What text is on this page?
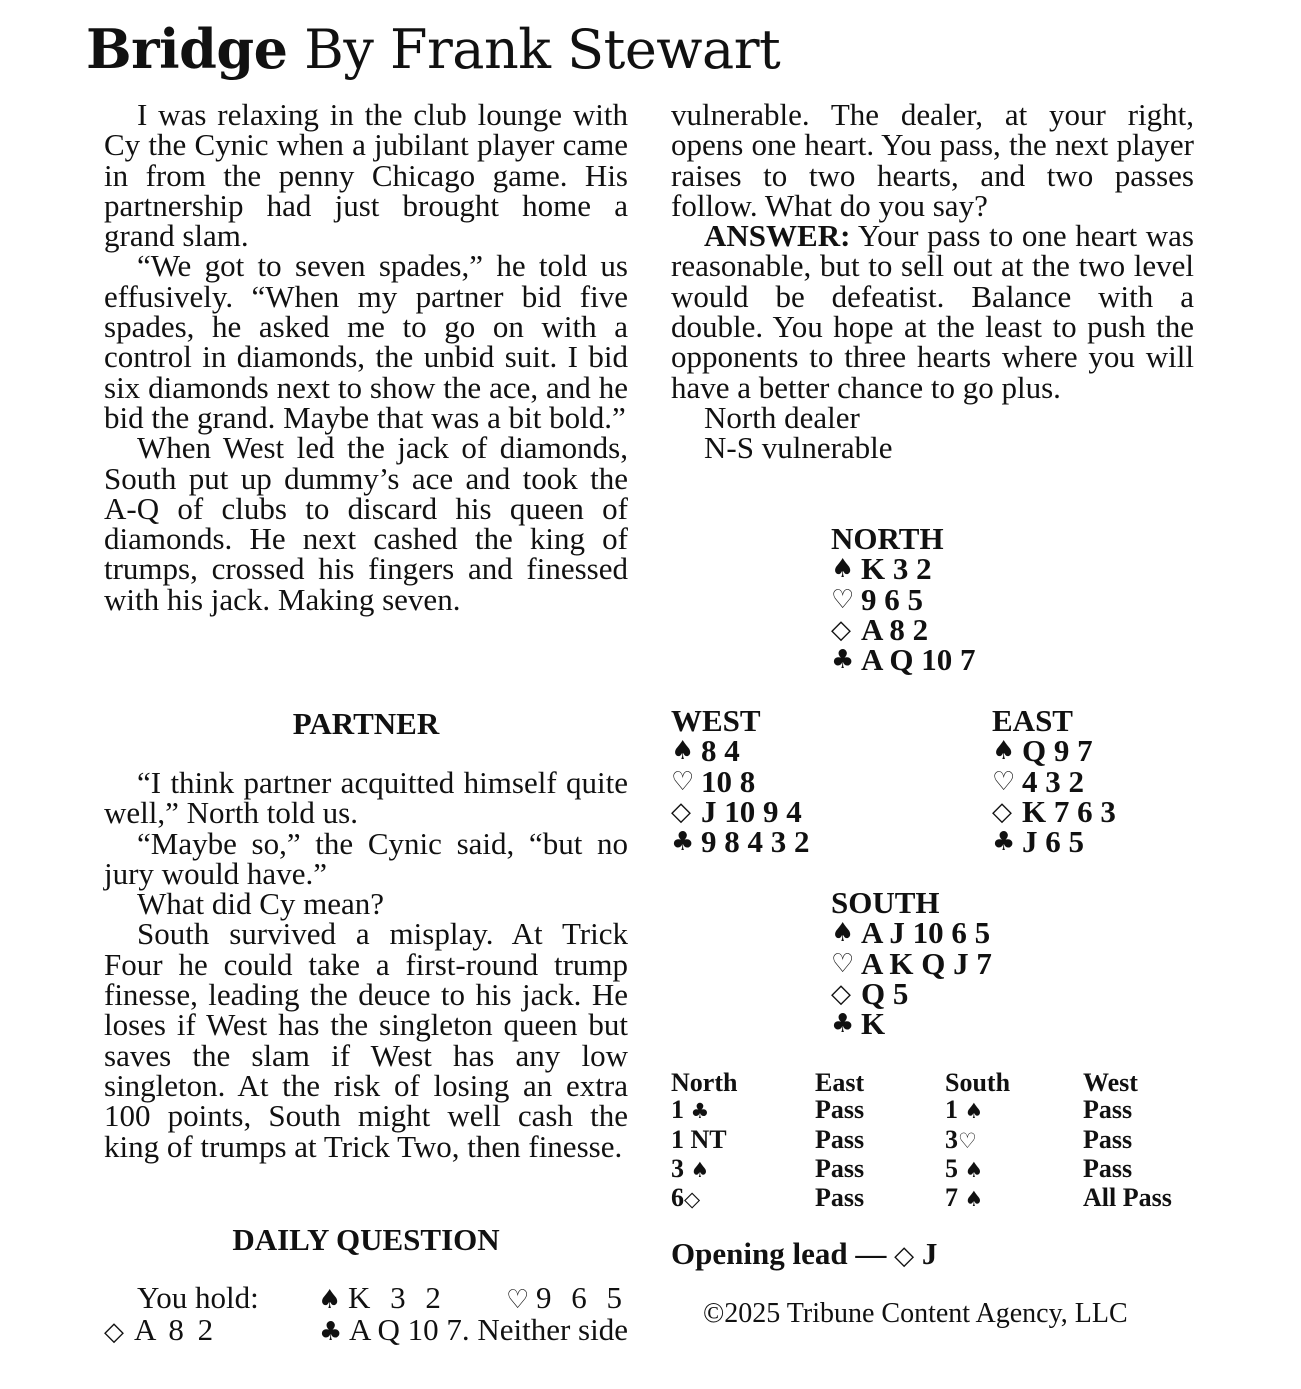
Bridge By Frank Stewart

I was relaxing in the club lounge with Cy the Cynic when a jubilant player came in from the penny Chicago game. His partnership had just brought home a grand slam.

“We got to seven spades,” he told us effusively. “When my partner bid five spades, he asked me to go on with a control in diamonds, the unbid suit. I bid six diamonds next to show the ace, and he bid the grand. Maybe that was a bit bold.”

When West led the jack of diamonds, South put up dummy’s ace and took the A-Q of clubs to discard his queen of diamonds. He next cashed the king of trumps, crossed his fingers and finessed with his jack. Making seven.

PARTNER

“I think partner acquitted himself quite well,” North told us.

“Maybe so,” the Cynic said, “but no jury would have.”

What did Cy mean?

South survived a misplay. At Trick Four he could take a first-round trump finesse, leading the deuce to his jack. He loses if West has the singleton queen but saves the slam if West has any low singleton. At the risk of losing an extra 100 points, South might well cash the king of trumps at Trick Two, then finesse.

DAILY QUESTION
You hold: ♠ K 3 2 ♡ 9 6 5
◇ A 8 2	♣ A Q 10 7. Neither side

vulnerable. The dealer, at your right, opens one heart. You pass, the next player raises to two hearts, and two passes follow. What do you say?

ANSWER: Your pass to one heart was reasonable, but to sell out at the two level would be defeatist. Balance with a double. You hope at the least to push the opponents to three hearts where you will have a better chance to go plus.

North dealer

N-S vulnerable

NORTH
♠ K 3 2
♡ 9 6 5
◇ A 8 2
♣ A Q 10 7
WEST
♠ 8 4
♡ 10 8
◇ J 10 9 4
♣ 9 8 4 3 2
EAST
♠ Q 9 7
♡ 4 3 2
◇ K 7 6 3
♣ J 6 5
SOUTH
♠ A J 10 6 5
♡ A K Q J 7
◇ Q 5
♣ K
North	East	South	West
1 ♣	Pass	1 ♠	Pass
1 NT	Pass	3♡	Pass
3 ♠	Pass	5 ♠	Pass
6◇	Pass	7 ♠	All Pass
Opening lead — ◇ J
©2025 Tribune Content Agency, LLC
